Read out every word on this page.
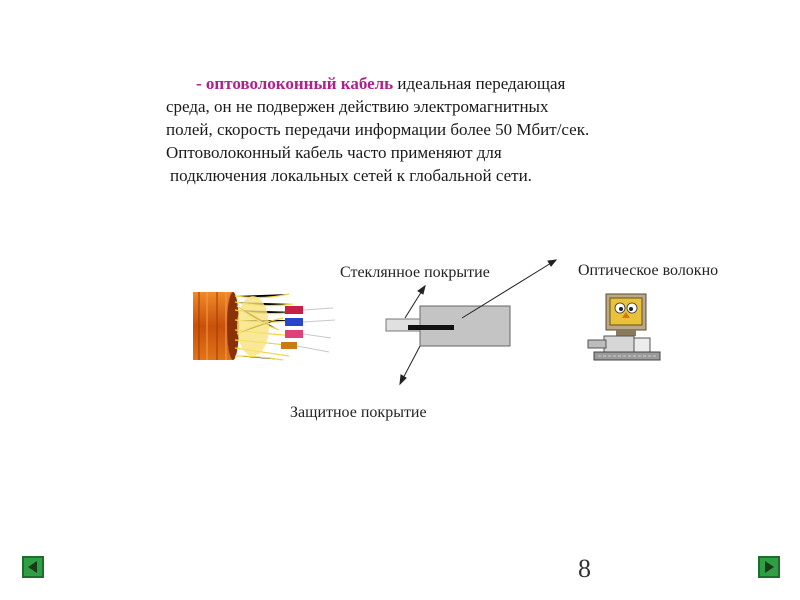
- оптоволоконный кабель идеальная передающая
среда, он не подвержен действию электромагнитных
полей, скорость передачи информации более 50 Мбит/сек.
Оптоволоконный кабель часто применяют для
подключения локальных сетей к глобальной сети.

Стеклянное покрытие	Оптическое волокно
Защитное покрытие
8
